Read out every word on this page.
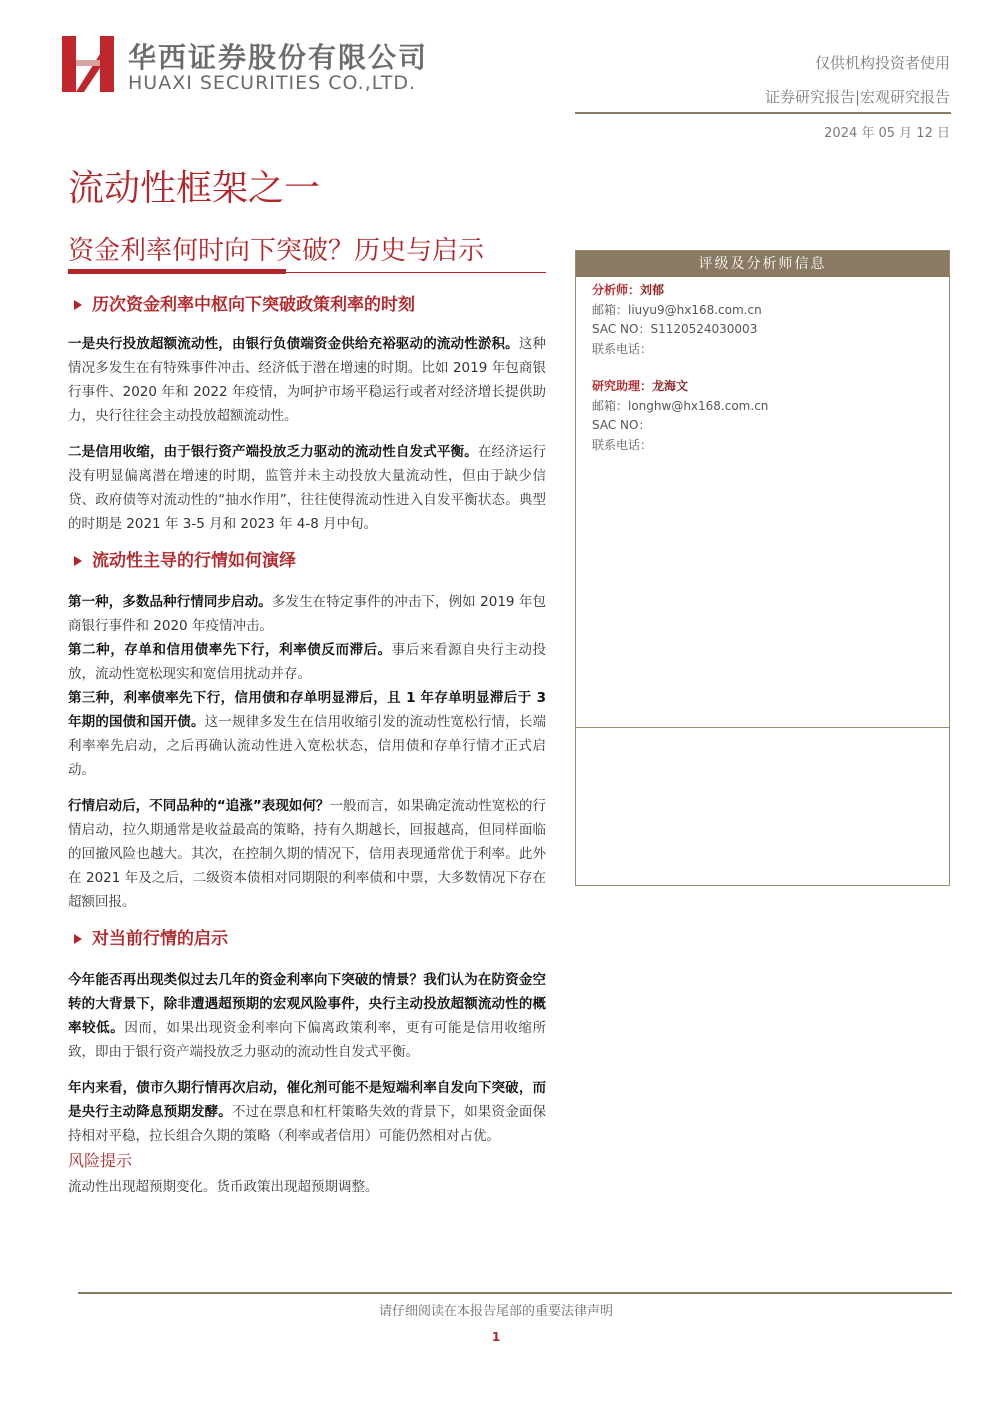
华西证券股份有限公司
HUAXI SECURITIES CO.,LTD.
仅供机构投资者使用
证券研究报告|宏观研究报告
2024 年 05 月 12 日
流动性框架之一
资金利率何时向下突破？历史与启示
历次资金利率中枢向下突破政策利率的时刻

一是央行投放超额流动性，由银行负债端资金供给充裕驱动的流动性淤积。这种情况多发生在有特殊事件冲击、经济低于潜在增速的时期。比如 2019 年包商银行事件、2020 年和 2022 年疫情，为呵护市场平稳运行或者对经济增长提供助力，央行往往会主动投放超额流动性。

二是信用收缩，由于银行资产端投放乏力驱动的流动性自发式平衡。在经济运行没有明显偏离潜在增速的时期，监管并未主动投放大量流动性，但由于缺少信贷、政府债等对流动性的“抽水作用”，往往使得流动性进入自发平衡状态。典型的时期是 2021 年 3-5 月和 2023 年 4-8 月中旬。

流动性主导的行情如何演绎

第一种，多数品种行情同步启动。多发生在特定事件的冲击下，例如 2019 年包商银行事件和 2020 年疫情冲击。

第二种，存单和信用债率先下行，利率债反而滞后。事后来看源自央行主动投放，流动性宽松现实和宽信用扰动并存。

第三种，利率债率先下行，信用债和存单明显滞后，且 1 年存单明显滞后于 3 年期的国债和国开债。这一规律多发生在信用收缩引发的流动性宽松行情，长端利率率先启动，之后再确认流动性进入宽松状态，信用债和存单行情才正式启动。

行情启动后，不同品种的“追涨”表现如何？一般而言，如果确定流动性宽松的行情启动，拉久期通常是收益最高的策略，持有久期越长，回报越高，但同样面临的回撤风险也越大。其次，在控制久期的情况下，信用表现通常优于利率。此外在 2021 年及之后，二级资本债相对同期限的利率债和中票，大多数情况下存在超额回报。

对当前行情的启示

今年能否再出现类似过去几年的资金利率向下突破的情景？我们认为在防资金空转的大背景下，除非遭遇超预期的宏观风险事件，央行主动投放超额流动性的概率较低。因而，如果出现资金利率向下偏离政策利率，更有可能是信用收缩所致，即由于银行资产端投放乏力驱动的流动性自发式平衡。

年内来看，债市久期行情再次启动，催化剂可能不是短端利率自发向下突破，而是央行主动降息预期发酵。不过在票息和杠杆策略失效的背景下，如果资金面保持相对平稳，拉长组合久期的策略（利率或者信用）可能仍然相对占优。

风险提示

流动性出现超预期变化。货币政策出现超预期调整。

评级及分析师信息
分析师：刘郁
邮箱：liuyu9@hx168.com.cn
SAC NO：S1120524030003
联系电话：
研究助理：龙海文
邮箱：longhw@hx168.com.cn
SAC NO：
联系电话：
请仔细阅读在本报告尾部的重要法律声明
1
